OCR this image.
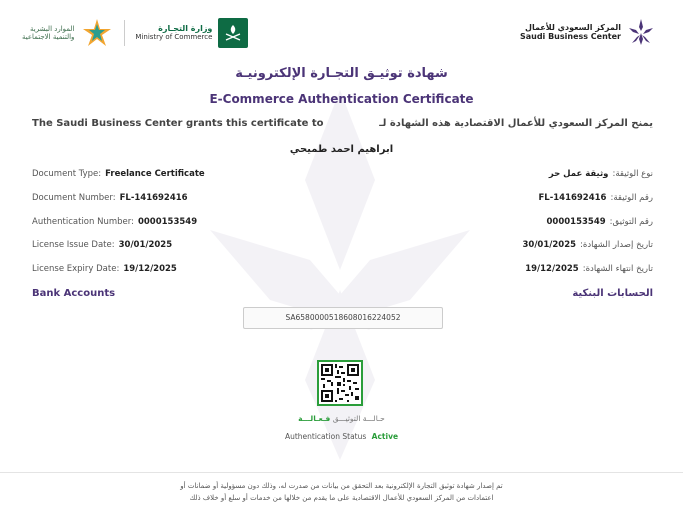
الموارد البشرية
والتنمية الاجتماعية
وزارة التجـارة
Ministry of Commerce
المركز السعودي للأعمال
Saudi Business Center
شهادة توثيـق التجـارة الإلكترونيـة
E-Commerce Authentication Certificate
The Saudi Business Center grants this certificate to	يمنح المركز السعودي للأعمال الاقتصادية هذه الشهادة لـ
ابراهيم احمد طميحي
Document Type: Freelance Certificate
Document Number: FL-141692416
Authentication Number: 0000153549
License Issue Date: 30/01/2025
License Expiry Date: 19/12/2025
نوع الوثيقة:وثيقة عمل حر
رقم الوثيقة:FL-141692416
رقم التوثيق:0000153549
تاريخ إصدار الشهادة:30/01/2025
تاريخ انتهاء الشهادة:19/12/2025
Bank Accounts	الحسابات البنكية
SA6580000518608016224052
حـالـــة التوثيـــق فـعـالـــة
Authentication Status Active
تم إصدار شهادة توثيق التجارة الإلكترونية بعد التحقق من بيانات من صدرت له، وذلك دون مسؤولية أو ضمانات أو
اعتمادات من المركز السعودي للأعمال الاقتصادية على ما يقدم من خلالها من خدمات أو سلع أو خلاف ذلك
